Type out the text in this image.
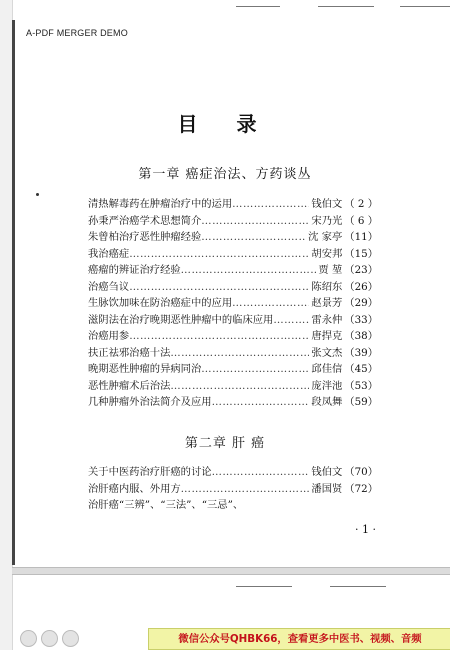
A-PDF MERGER DEMO
目 录
第一章 癌症治法、方药谈丛
清热解毒药在肿瘤治疗中的运用 …………………………………………………………………………………………………………	钱伯文 （ 2 ）
孙秉严治癌学术思想简介 …………………………………………………………………………………………………………	宋乃光 （ 6 ）
朱曾柏治疗恶性肿瘤经验 …………………………………………………………………………………………………………	沈 家亭 （11）
我治癌症 …………………………………………………………………………………………………………	胡安邦 （15）
癌瘤的辨证治疗经验 …………………………………………………………………………………………………………	贾 堃 （23）
治癌刍议 …………………………………………………………………………………………………………	陈绍东 （26）
生脉饮加味在防治癌症中的应用 …………………………………………………………………………………………………………	赵景芳 （29）
滋阴法在治疗晚期恶性肿瘤中的临床应用 …………………………………………………………………………………………………………	雷永仲 （33）
治癌用参 …………………………………………………………………………………………………………	唐捍克 （38）
扶正祛邪治癌十法 …………………………………………………………………………………………………………	张文杰 （39）
晚期恶性肿瘤的异病同治 …………………………………………………………………………………………………………	邱佳信 （45）
恶性肿瘤术后治法 …………………………………………………………………………………………………………	庞泮池 （53）
几种肿瘤外治法简介及应用 …………………………………………………………………………………………………………	段凤舞 （59）
第二章 肝 癌
关于中医药治疗肝癌的讨论 …………………………………………………………………………………………………………	钱伯文 （70）
治肝癌内服、外用方 …………………………………………………………………………………………………………	潘国贤 （72）
治肝癌“三辨”、“三法”、“三忌”、
· 1 ·
微信公众号QHBK66，查看更多中医书、视频、音频
